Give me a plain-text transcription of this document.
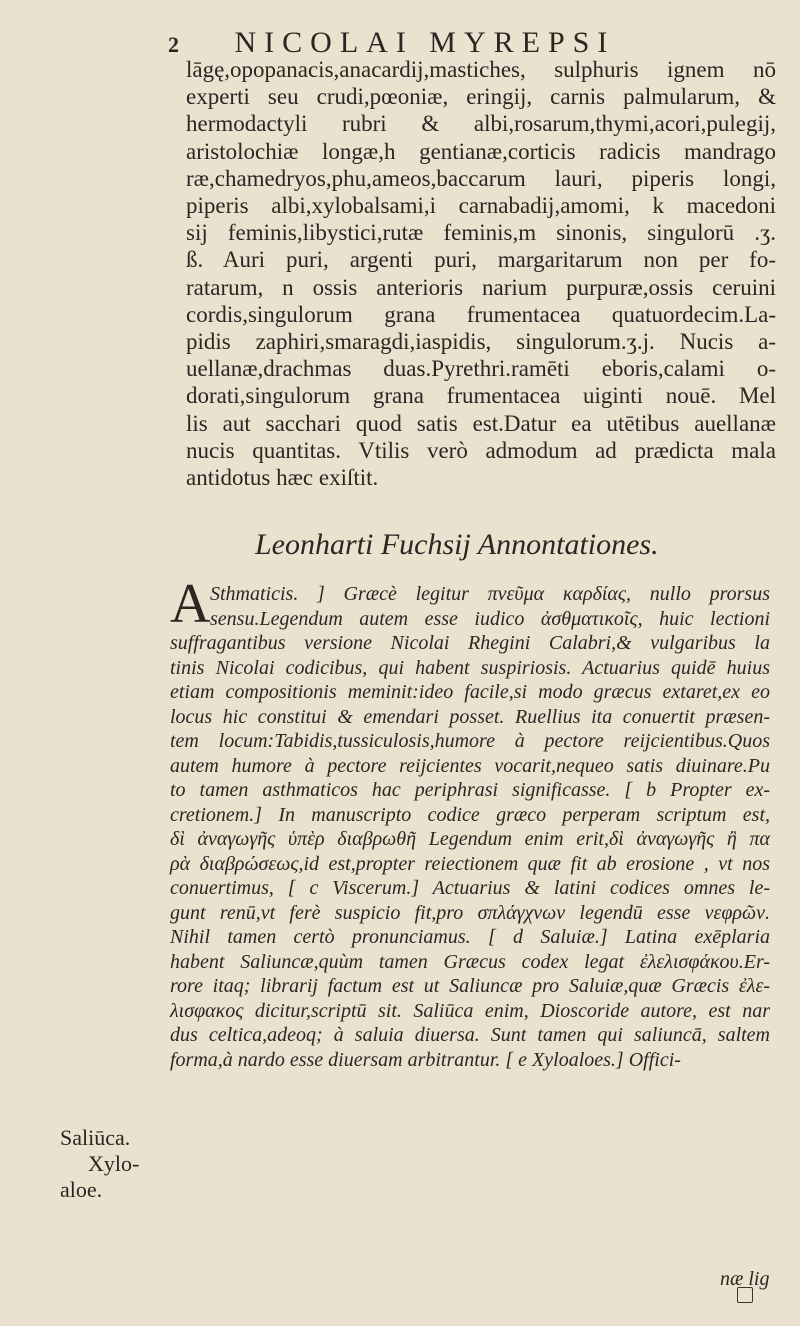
2 NICOLAI MYREPSI
lāgę,opopanacis,anacardij,mastiches, sulphuris ignem nō
experti seu crudi,pœoniæ, eringij, carnis palmularum, &
hermodactyli rubri & albi,rosarum,thymi,acori,pulegij,
aristolochiæ longæ,h gentianæ,corticis radicis mandrago
ræ,chamedryos,phu,ameos,baccarum lauri, piperis longi,
piperis albi,xylobalsami,i carnabadij,amomi, k macedoni
sij feminis,libystici,rutæ feminis,m sinonis, singulorū .ʒ.
ß. Auri puri, argenti puri, margaritarum non per fo-
ratarum, n ossis anterioris narium purpuræ,ossis ceruini
cordis,singulorum grana frumentacea quatuordecim.La-
pidis zaphiri,smaragdi,iaspidis, singulorum.ʒ.j. Nucis a-
uellanæ,drachmas duas.Pyrethri.ramēti eboris,calami o-
dorati,singulorum grana frumentacea uiginti nouē. Mel
lis aut sacchari quod satis est.Datur ea utētibus auellanæ
nucis quantitas. Vtilis verò admodum ad prædicta mala
antidotus hæc exiſtit.
Leonharti Fuchsij Annontationes.
A Sthmaticis. ] Græcè legitur πνεῦμα καρδίας, nullo prorsus
sensu.Legendum autem esse iudico ἀσθματικοῖς, huic lectioni
suffragantibus versione Nicolai Rhegini Calabri,& vulgaribus la
tinis Nicolai codicibus, qui habent suspiriosis. Actuarius quidē huius
etiam compositionis meminit:ideo facile,si modo græcus extaret,ex eo
locus hic constitui & emendari posset. Ruellius ita conuertit præsen-
tem locum:Tabidis,tussiculosis,humore à pectore reijcientibus.Quos
autem humore à pectore reijcientes vocarit,nequeo satis diuinare.Pu
to tamen asthmaticos hac periphrasi significasse. [ b Propter ex-
cretionem.] In manuscripto codice græco perperam scriptum est,
δὶ ἀναγωγῆς ὑπὲρ διαβρωθῆ Legendum enim erit,δὶ ἀναγωγῆς ἢ πα
ρὰ διαβρώσεως,id est,propter reiectionem quæ fit ab erosione , vt nos
conuertimus, [ c Viscerum.] Actuarius & latini codices omnes le-
gunt renū,vt ferè suspicio fit,pro σπλάγχνων legendū esse νεφρῶν.
Nihil tamen certò pronunciamus. [ d Saluiæ.] Latina exēplaria
habent Saliuncæ,quùm tamen Græcus codex legat ἐλελισφάκου.Er-
rore itaq; librarij factum est ut Saliuncæ pro Saluiæ,quæ Græcis ἐλε-
λισφακος dicitur,scriptū sit. Saliūca enim, Dioscoride autore, est nar
dus celtica,adeoq; à saluia diuersa. Sunt tamen qui saliuncā, saltem
forma,à nardo esse diuersam arbitrantur. [ e Xyloaloes.] Offici-
Saliūca.
Xylo-
aloe.
næ lig
